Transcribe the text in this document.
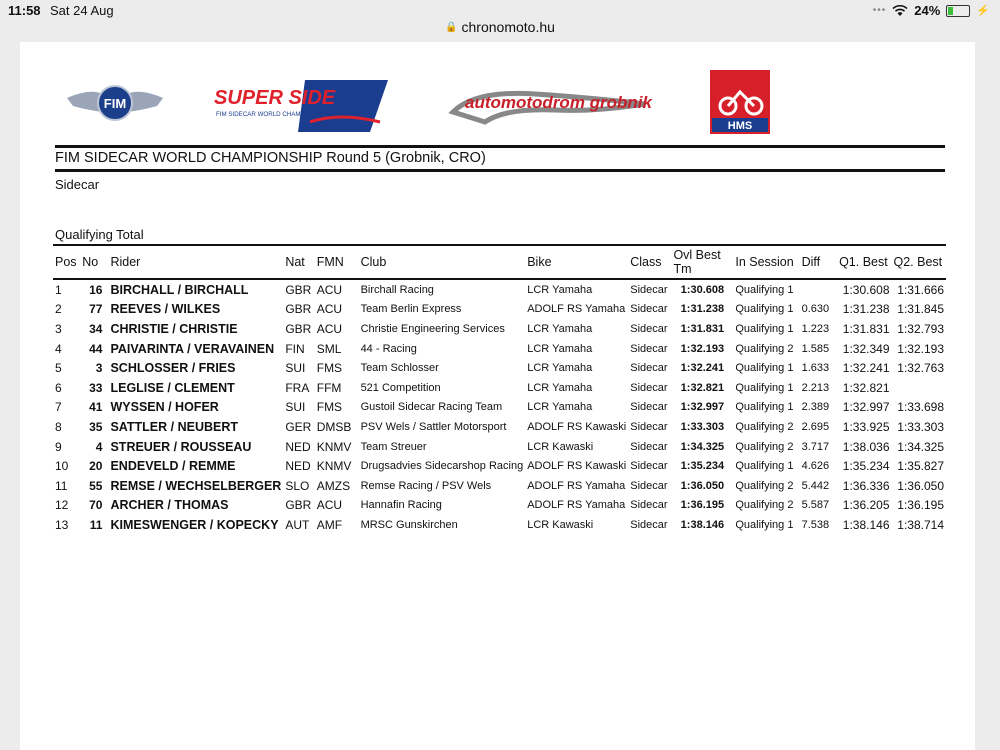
11:58 Sat 24 Aug	••• 24%	⚡
🔒 chronomoto.hu
FIM	SUPER SIDE
FIM SIDECAR WORLD CHAMPIONSHIP
automotodrom grobnik
HMS
FIM SIDECAR WORLD CHAMPIONSHIP Round 5 (Grobnik, CRO)
Sidecar
Qualifying Total
Pos	No	Rider	Nat	FMN	Club	Bike	Class	Ovl Best Tm	In Session	Diff	Q1. Best	Q2. Best
1	16	BIRCHALL / BIRCHALL	GBR	ACU	Birchall Racing	LCR Yamaha	Sidecar	1:30.608	Qualifying 1		1:30.608	1:31.666
2	77	REEVES / WILKES	GBR	ACU	Team Berlin Express	ADOLF RS Yamaha	Sidecar	1:31.238	Qualifying 1	0.630	1:31.238	1:31.845
3	34	CHRISTIE / CHRISTIE	GBR	ACU	Christie Engineering Services	LCR Yamaha	Sidecar	1:31.831	Qualifying 1	1.223	1:31.831	1:32.793
4	44	PAIVARINTA / VERAVAINEN	FIN	SML	44 - Racing	LCR Yamaha	Sidecar	1:32.193	Qualifying 2	1.585	1:32.349	1:32.193
5	3	SCHLOSSER / FRIES	SUI	FMS	Team Schlosser	LCR Yamaha	Sidecar	1:32.241	Qualifying 1	1.633	1:32.241	1:32.763
6	33	LEGLISE / CLEMENT	FRA	FFM	521 Competition	LCR Yamaha	Sidecar	1:32.821	Qualifying 1	2.213	1:32.821	
7	41	WYSSEN / HOFER	SUI	FMS	Gustoil Sidecar Racing Team	LCR Yamaha	Sidecar	1:32.997	Qualifying 1	2.389	1:32.997	1:33.698
8	35	SATTLER / NEUBERT	GER	DMSB	PSV Wels / Sattler Motorsport	ADOLF RS Kawaski	Sidecar	1:33.303	Qualifying 2	2.695	1:33.925	1:33.303
9	4	STREUER / ROUSSEAU	NED	KNMV	Team Streuer	LCR Kawaski	Sidecar	1:34.325	Qualifying 2	3.717	1:38.036	1:34.325
10	20	ENDEVELD / REMME	NED	KNMV	Drugsadvies Sidecarshop Racing	ADOLF RS Kawaski	Sidecar	1:35.234	Qualifying 1	4.626	1:35.234	1:35.827
11	55	REMSE / WECHSELBERGER	SLO	AMZS	Remse Racing / PSV Wels	ADOLF RS Yamaha	Sidecar	1:36.050	Qualifying 2	5.442	1:36.336	1:36.050
12	70	ARCHER / THOMAS	GBR	ACU	Hannafin Racing	ADOLF RS Yamaha	Sidecar	1:36.195	Qualifying 2	5.587	1:36.205	1:36.195
13	11	KIMESWENGER / KOPECKY	AUT	AMF	MRSC Gunskirchen	LCR Kawaski	Sidecar	1:38.146	Qualifying 1	7.538	1:38.146	1:38.714
